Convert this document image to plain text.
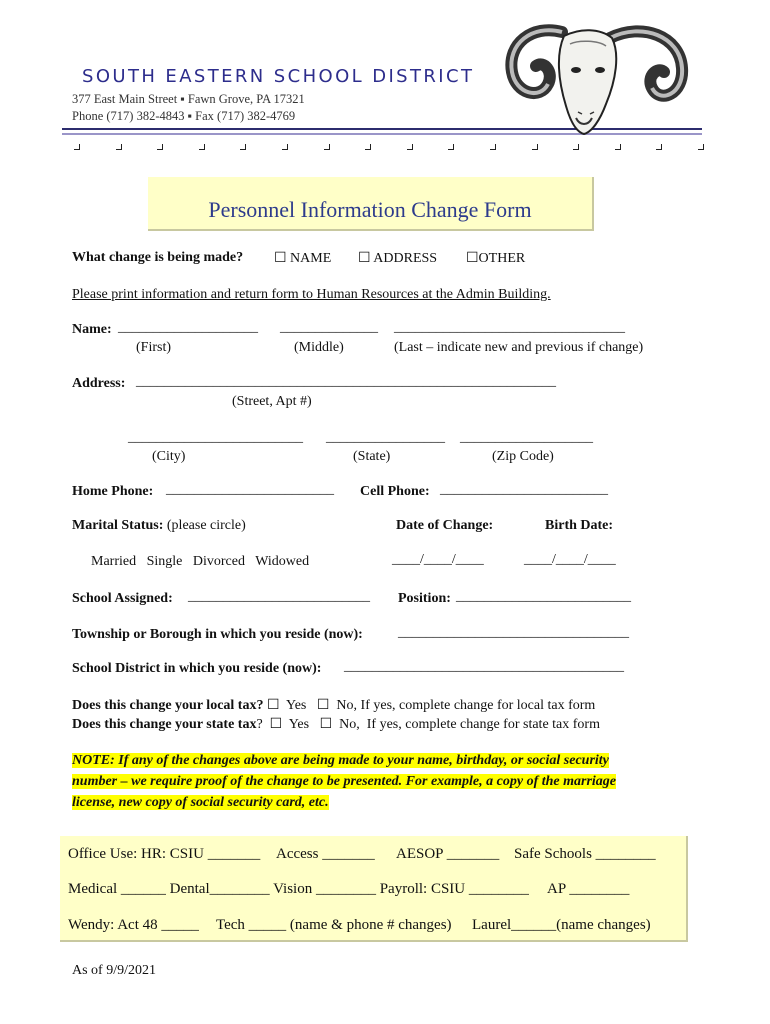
SOUTH EASTERN SCHOOL DISTRICT
377 East Main Street ▪ Fawn Grove, PA 17321
Phone (717) 382-4843 ▪ Fax (717) 382-4769
Personnel Information Change Form
What change is being made? ☐ NAME ☐ ADDRESS ☐OTHER
Please print information and return form to Human Resources at the Admin Building.
Name: ____________________ ______________ _________________________________
(First)	(Middle)	(Last – indicate new and previous if change)
Address: ____________________________________________________________
(Street, Apt #)
_________________________ _________________ ___________________
(City)	(State)	(Zip Code)
Home Phone: ________________________ Cell Phone: ________________________
Marital Status: (please circle)	Date of Change:	Birth Date:
Married   Single   Divorced   Widowed	____/____/____	____/____/____
School Assigned: __________________________ Position: _________________________
Township or Borough in which you reside (now):	_________________________________
School District in which you reside (now): ________________________________________
Does this change your local tax? ☐  Yes   ☐  No, If yes, complete change for local tax form
Does this change your state tax?  ☐  Yes   ☐  No,  If yes, complete change for state tax form
NOTE: If any of the changes above are being made to your name, birthday, or social security
number – we require proof of the change to be presented. For example, a copy of the marriage
license, new copy of social security card, etc.
Office Use: HR: CSIU _______ Access _______ AESOP _______ Safe Schools ________
Medical ______ Dental________ Vision ________ Payroll: CSIU ________ AP ________
Wendy: Act 48 _____ Tech _____ (name & phone # changes) Laurel______(name changes)
As of 9/9/2021
